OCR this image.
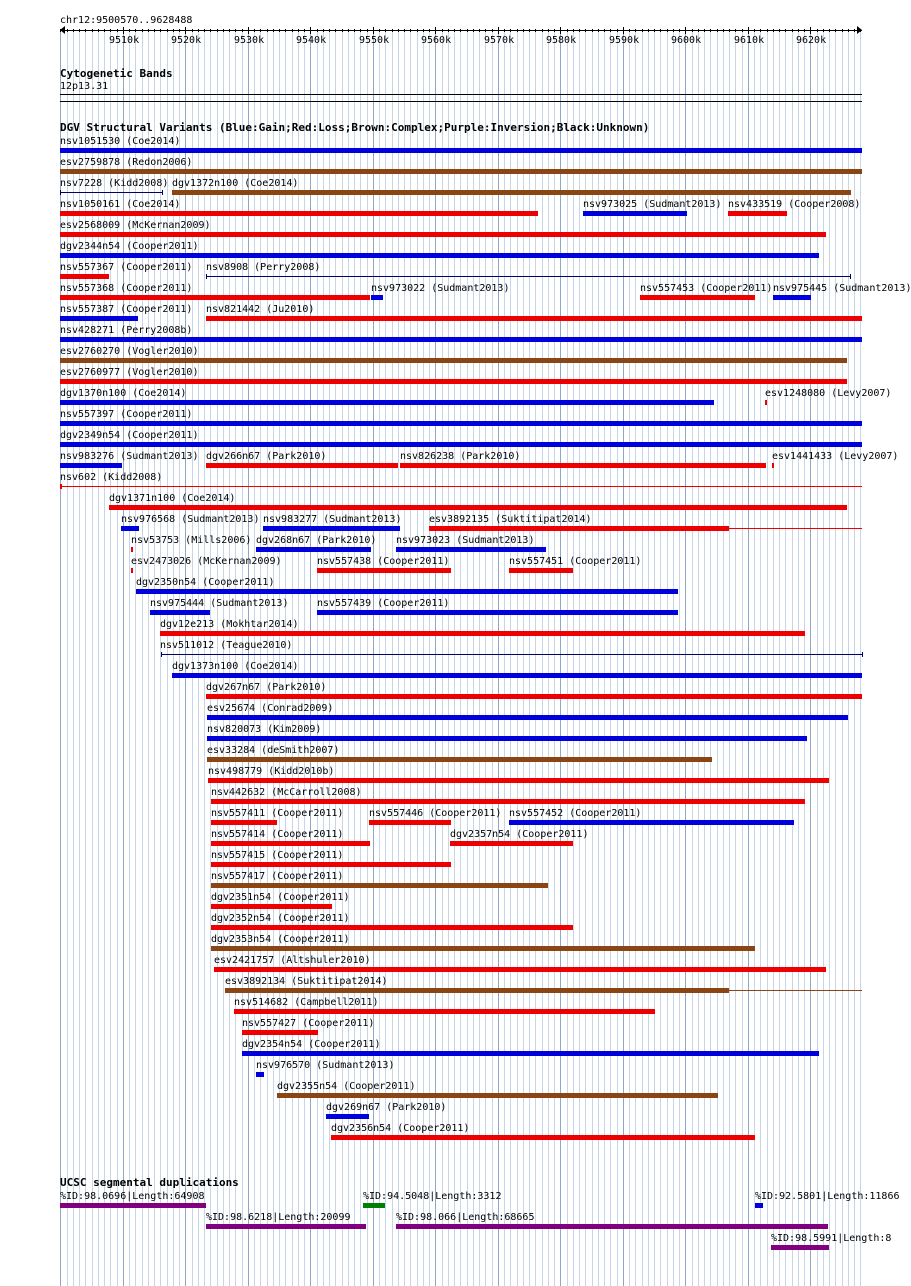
chr12:9500570..9628488
9510k	9520k	9530k	9540k	9550k	9560k	9570k	9580k	9590k	9600k	9610k	9620k
Cytogenetic Bands
12p13.31
DGV Structural Variants (Blue:Gain;Red:Loss;Brown:Complex;Purple:Inversion;Black:Unknown)
nsv1051530 (Coe2014)
esv2759878 (Redon2006)
nsv7228 (Kidd2008) dgv1372n100 (Coe2014)
nsv1050161 (Coe2014)	nsv973025 (Sudmant2013) nsv433519 (Cooper2008)
esv2568009 (McKernan2009)
dgv2344n54 (Cooper2011)
nsv557367 (Cooper2011) nsv8908 (Perry2008)
nsv557368 (Cooper2011)	nsv973022 (Sudmant2013)	nsv557453 (Cooper2011) nsv975445 (Sudmant2013)
nsv557387 (Cooper2011) nsv821442 (Ju2010)
nsv428271 (Perry2008b)
esv2760270 (Vogler2010)
esv2760977 (Vogler2010)
dgv1370n100 (Coe2014)	esv1248080 (Levy2007)
nsv557397 (Cooper2011)
dgv2349n54 (Cooper2011)
nsv983276 (Sudmant2013) dgv266n67 (Park2010)	nsv826238 (Park2010)	esv1441433 (Levy2007)
nsv602 (Kidd2008)
dgv1371n100 (Coe2014)
nsv976568 (Sudmant2013) nsv983277 (Sudmant2013)	esv3892135 (Suktitipat2014)
nsv53753 (Mills2006) dgv268n67 (Park2010) nsv973023 (Sudmant2013)
esv2473026 (McKernan2009)	nsv557438 (Cooper2011)	nsv557451 (Cooper2011)
dgv2350n54 (Cooper2011)
nsv975444 (Sudmant2013)	nsv557439 (Cooper2011)
dgv12e213 (Mokhtar2014)
nsv511012 (Teague2010)
dgv1373n100 (Coe2014)
dgv267n67 (Park2010)
esv25674 (Conrad2009)
nsv820073 (Kim2009)
esv33284 (deSmith2007)
nsv498779 (Kidd2010b)
nsv442632 (McCarroll2008)
nsv557411 (Cooper2011)	nsv557446 (Cooper2011) nsv557452 (Cooper2011)
nsv557414 (Cooper2011)	dgv2357n54 (Cooper2011)
nsv557415 (Cooper2011)
nsv557417 (Cooper2011)
dgv2351n54 (Cooper2011)
dgv2352n54 (Cooper2011)
dgv2353n54 (Cooper2011)
esv2421757 (Altshuler2010)
esv3892134 (Suktitipat2014)
nsv514682 (Campbell2011)
nsv557427 (Cooper2011)
dgv2354n54 (Cooper2011)
nsv976570 (Sudmant2013)
dgv2355n54 (Cooper2011)
dgv269n67 (Park2010)
dgv2356n54 (Cooper2011)
UCSC segmental duplications
%ID:98.0696|Length:64908	%ID:94.5048|Length:3312	%ID:92.5801|Length:11866
%ID:98.6218|Length:20099	%ID:98.066|Length:68665
%ID:98.5991|Length:8
